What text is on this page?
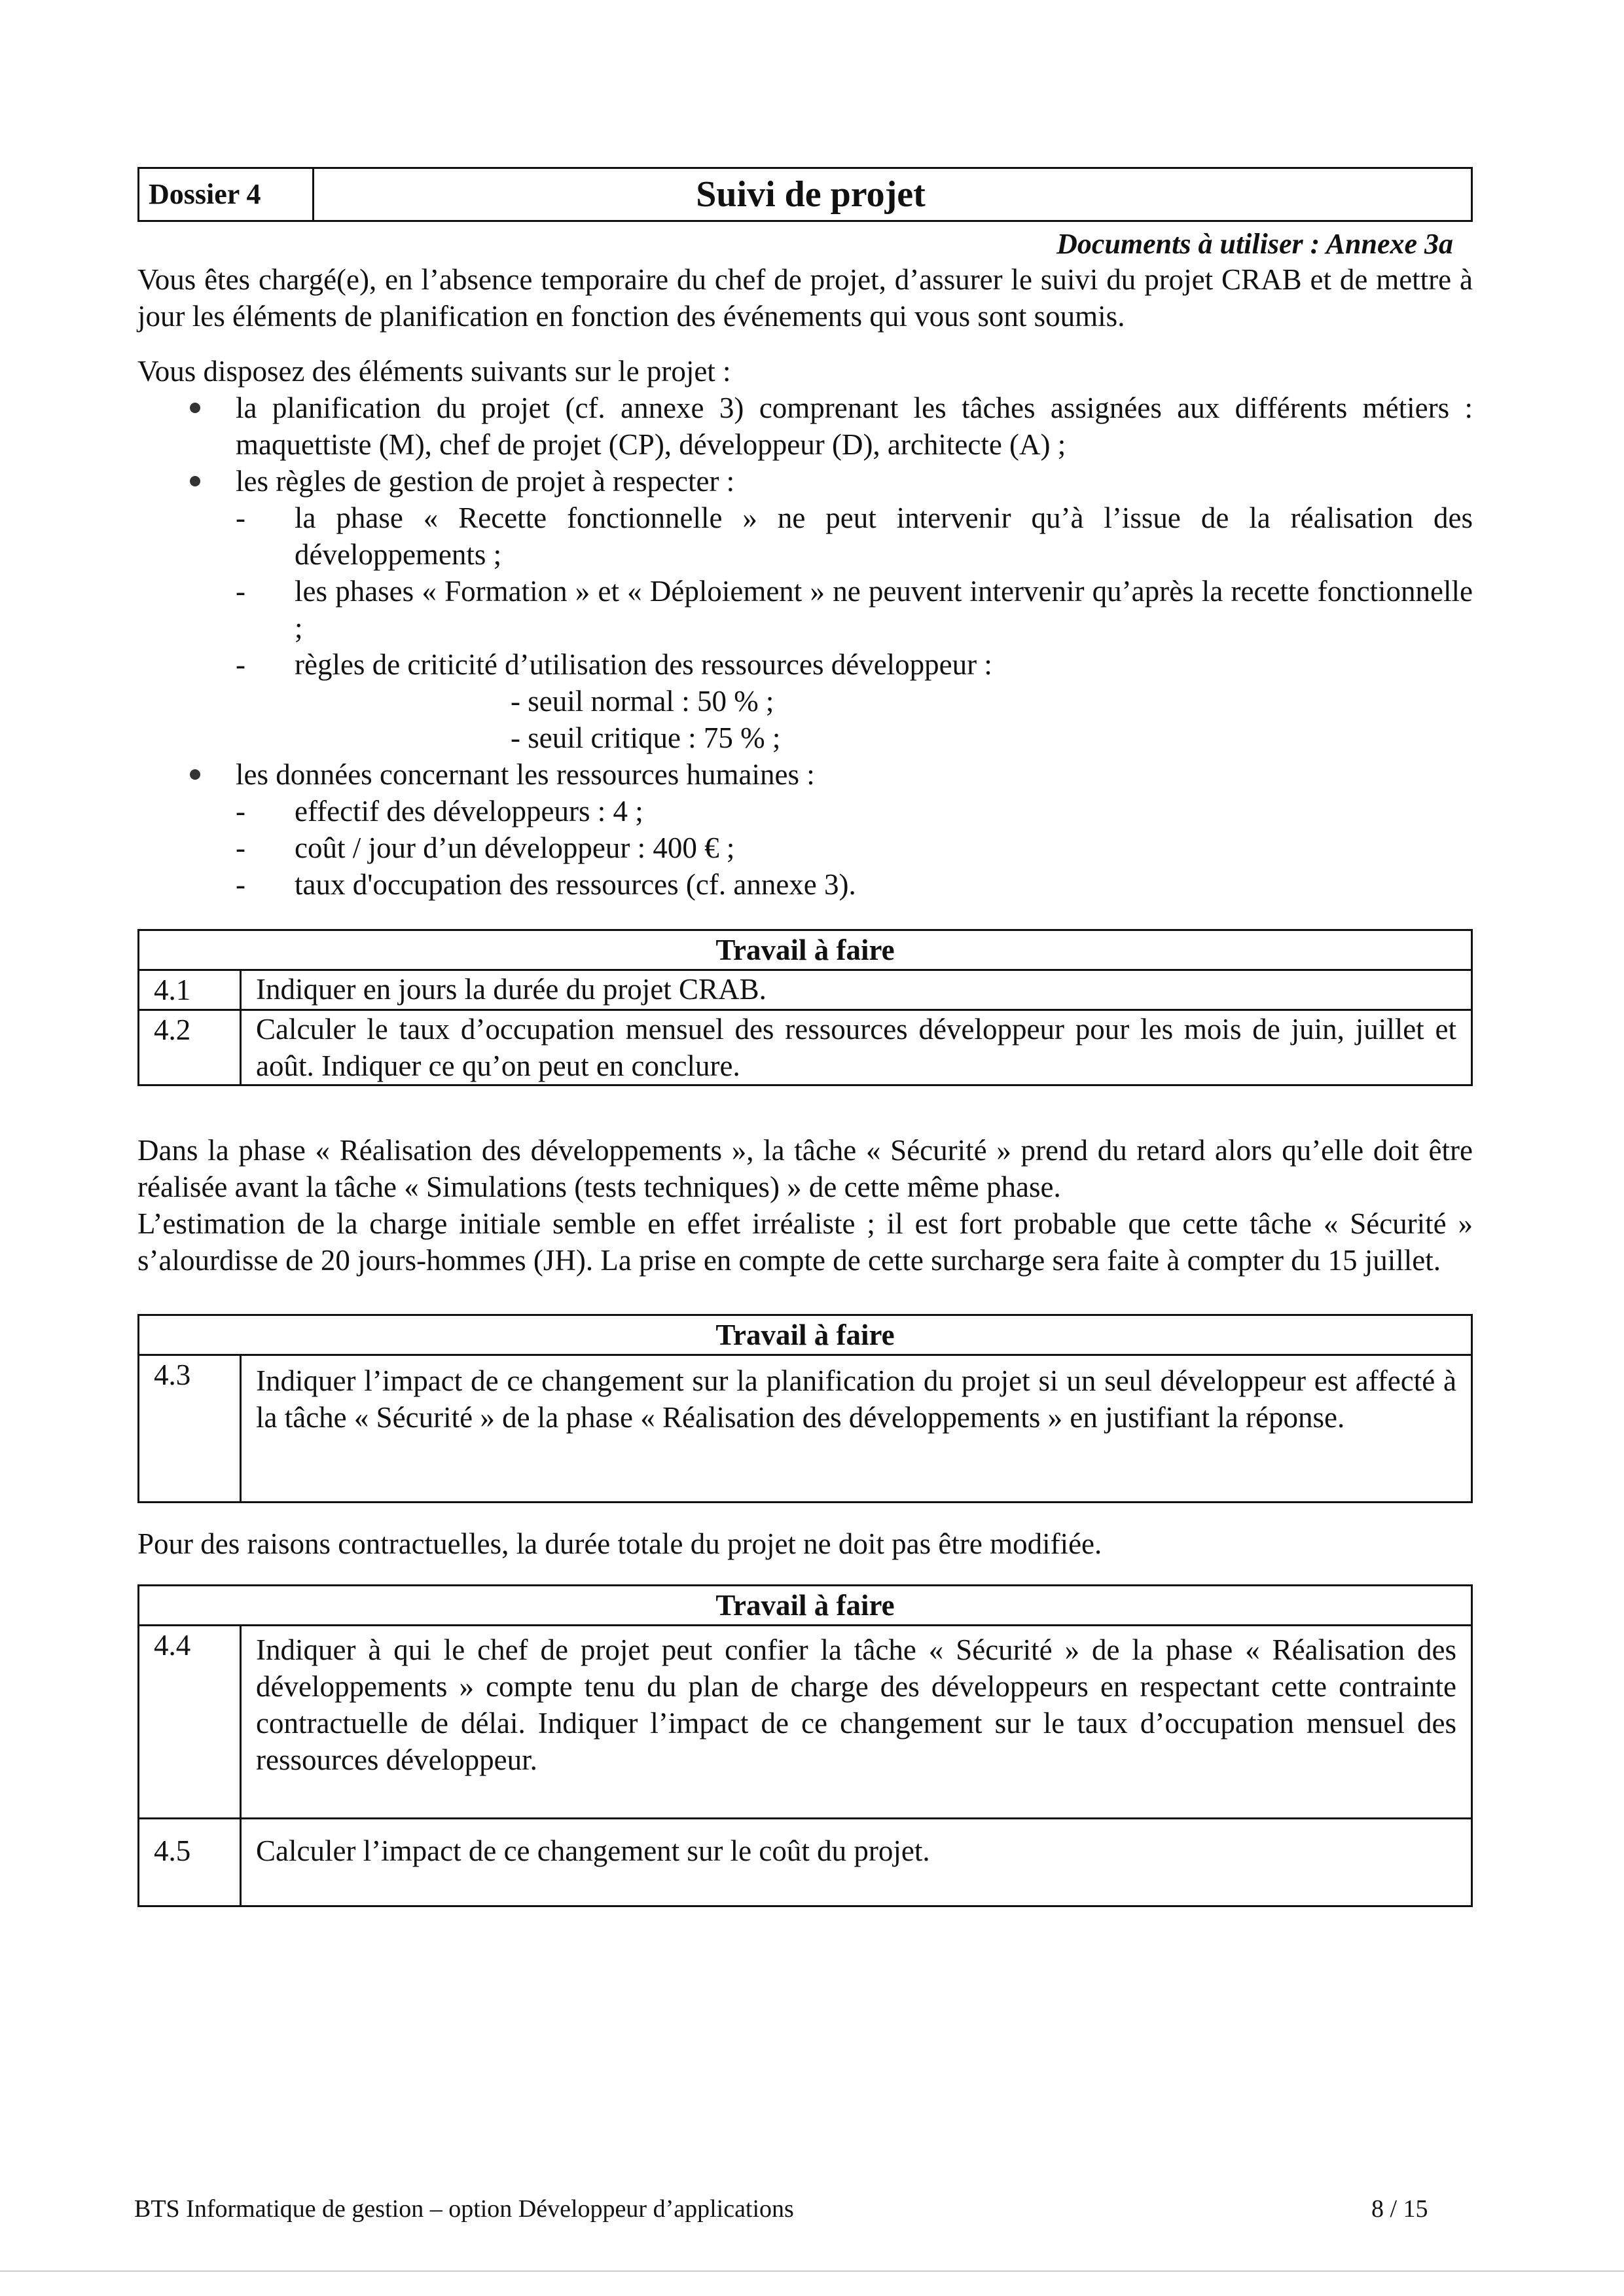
Dossier 4	Suivi de projet
Documents à utiliser : Annexe 3a

Vous êtes chargé(e), en l’absence temporaire du chef de projet, d’assurer le suivi du projet CRAB et de mettre à jour les éléments de planification en fonction des événements qui vous sont soumis.

Vous disposez des éléments suivants sur le projet :

la planification du projet (cf. annexe 3) comprenant les tâches assignées aux différents métiers : maquettiste (M), chef de projet (CP), développeur (D), architecte (A) ;
les règles de gestion de projet à respecter :
- la phase « Recette fonctionnelle » ne peut intervenir qu’à l’issue de la réalisation des développements ;
- les phases « Formation » et « Déploiement » ne peuvent intervenir qu’après la recette fonctionnelle ;
- règles de criticité d’utilisation des ressources développeur :
- seuil normal : 50 % ;
- seuil critique : 75 % ;
les données concernant les ressources humaines :
- effectif des développeurs : 4 ;
- coût / jour d’un développeur : 400 € ;
- taux d'occupation des ressources (cf. annexe 3).
Travail à faire	
4.1	Indiquer en jours la durée du projet CRAB.
4.2	Calculer le taux d’occupation mensuel des ressources développeur pour les mois de juin, juillet et août. Indiquer ce qu’on peut en conclure.

Dans la phase « Réalisation des développements », la tâche « Sécurité » prend du retard alors qu’elle doit être réalisée avant la tâche « Simulations (tests techniques) » de cette même phase.

L’estimation de la charge initiale semble en effet irréaliste ; il est fort probable que cette tâche « Sécurité » s’alourdisse de 20 jours-hommes (JH). La prise en compte de cette surcharge sera faite à compter du 15 juillet.

Travail à faire
4.3	Indiquer l’impact de ce changement sur la planification du projet si un seul développeur est affecté à la tâche « Sécurité » de la phase « Réalisation des développements » en justifiant la réponse.

Pour des raisons contractuelles, la durée totale du projet ne doit pas être modifiée.

Travail à faire	
4.4	Indiquer à qui le chef de projet peut confier la tâche « Sécurité » de la phase « Réalisation des développements » compte tenu du plan de charge des développeurs en respectant cette contrainte contractuelle de délai. Indiquer l’impact de ce changement sur le taux d’occupation mensuel des ressources développeur.
4.5	Calculer l’impact de ce changement sur le coût du projet.
BTS Informatique de gestion – option Développeur d’applications	8 / 15
